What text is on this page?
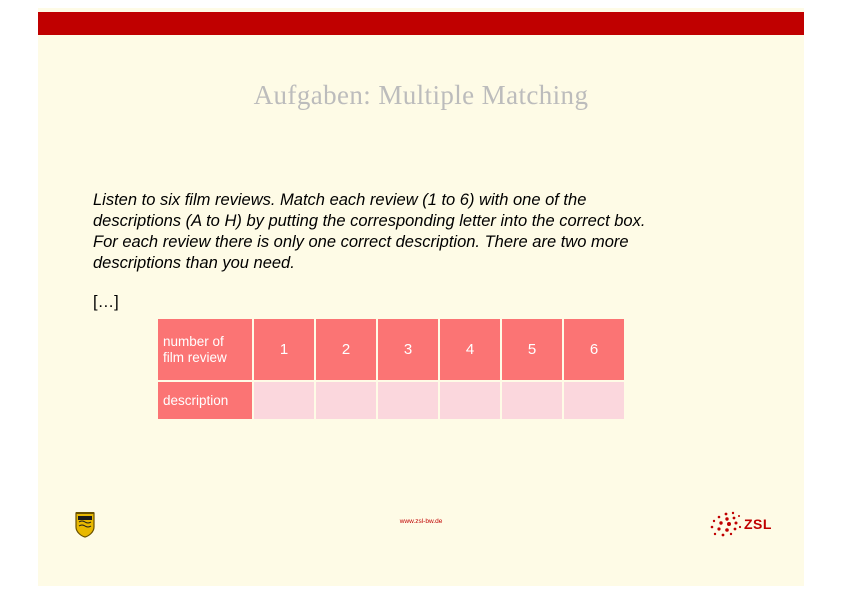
Aufgaben: Multiple Matching

Listen to six film reviews. Match each review (1 to 6) with one of the

descriptions (A to H) by putting the corresponding letter into the correct box.

For each review there is only one correct description. There are two more

descriptions than you need.

[…]
number of
film review	1	2	3	4	5	6
description						
www.zsl-bw.de	ZSL
